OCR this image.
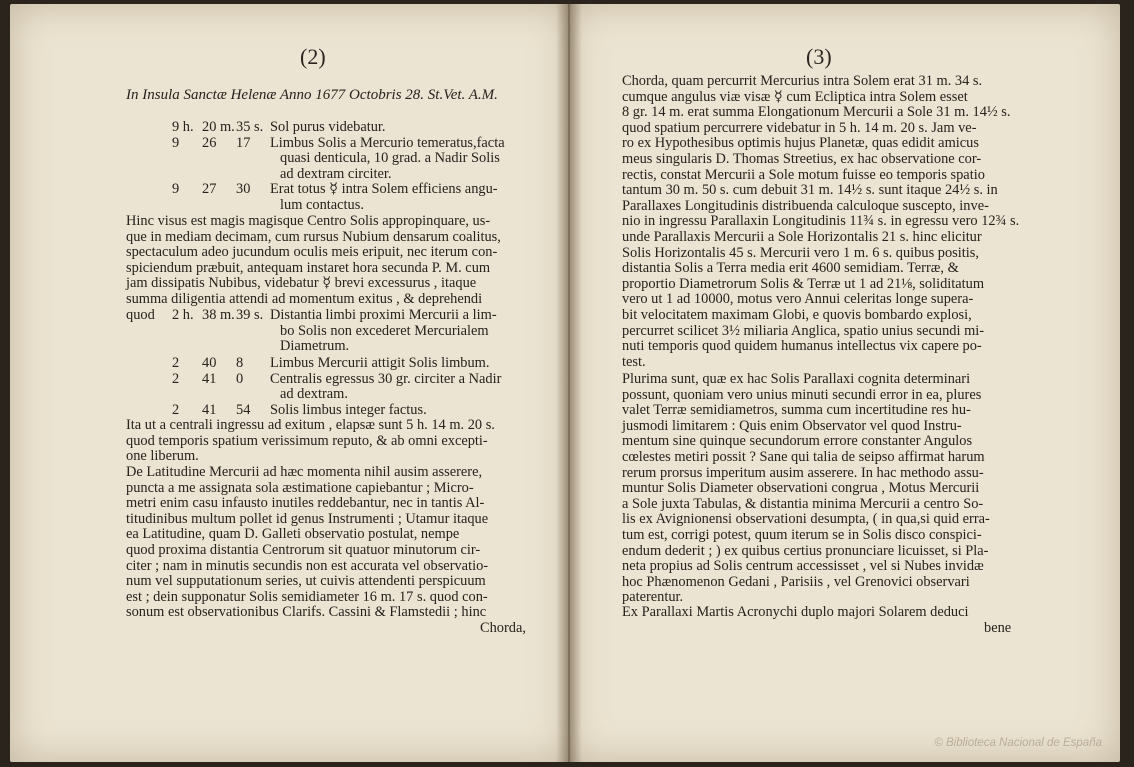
(2)
In Insula Sanctæ Helenæ Anno 1677 Octobris 28. St.Vet. A.M.
9 h. 20 m. 35 s. Sol purus videbatur.
9 26 17 Limbus Solis a Mercurio temeratus,facta
quasi denticula, 10 grad. a Nadir Solis
ad dextram circiter.
9 27 30 Erat totus ☿ intra Solem efficiens angu-
lum contactus.
Hinc visus est magis magisque Centro Solis appropinquare, us-
que in mediam decimam, cum rursus Nubium densarum coalitus,
spectaculum adeo jucundum oculis meis eripuit, nec iterum con-
spiciendum præbuit, antequam instaret hora secunda P. M. cum
jam dissipatis Nubibus, videbatur ☿ brevi excessurus , itaque
summa diligentia attendi ad momentum exitus , & deprehendi
quod 2 h. 38 m. 39 s. Distantia limbi proximi Mercurii a lim-
bo Solis non excederet Mercurialem
Diametrum.
2 40 8 Limbus Mercurii attigit Solis limbum.
2 41 0 Centralis egressus 30 gr. circiter a Nadir
ad dextram.
2 41 54 Solis limbus integer factus.
Ita ut a centrali ingressu ad exitum , elapsæ sunt 5 h. 14 m. 20 s.
quod temporis spatium verissimum reputo, & ab omni excepti-
one liberum.
De Latitudine Mercurii ad hæc momenta nihil ausim asserere,
puncta a me assignata sola æstimatione capiebantur ; Micro-
metri enim casu infausto inutiles reddebantur, nec in tantis Al-
titudinibus multum pollet id genus Instrumenti ; Utamur itaque
ea Latitudine, quam D. Galleti observatio postulat, nempe
quod proxima distantia Centrorum sit quatuor minutorum cir-
citer ; nam in minutis secundis non est accurata vel observatio-
num vel supputationum series, ut cuivis attendenti perspicuum
est ; dein supponatur Solis semidiameter 16 m. 17 s. quod con-
sonum est observationibus Clarifs. Cassini & Flamstedii ; hinc
Chorda,
(3)
Chorda, quam percurrit Mercurius intra Solem erat 31 m. 34 s.
cumque angulus viæ visæ ☿ cum Ecliptica intra Solem esset
8 gr. 14 m. erat summa Elongationum Mercurii a Sole 31 m. 14½ s.
quod spatium percurrere videbatur in 5 h. 14 m. 20 s. Jam ve-
ro ex Hypothesibus optimis hujus Planetæ, quas edidit amicus
meus singularis D. Thomas Streetius, ex hac observatione cor-
rectis, constat Mercurii a Sole motum fuisse eo temporis spatio
tantum 30 m. 50 s. cum debuit 31 m. 14½ s. sunt itaque 24½ s. in
Parallaxes Longitudinis distribuenda calculoque suscepto, inve-
nio in ingressu Parallaxin Longitudinis 11¾ s. in egressu vero 12¾ s.
unde Parallaxis Mercurii a Sole Horizontalis 21 s. hinc elicitur
Solis Horizontalis 45 s. Mercurii vero 1 m. 6 s. quibus positis,
distantia Solis a Terra media erit 4600 semidiam. Terræ, &
proportio Diametrorum Solis & Terræ ut 1 ad 21⅛, soliditatum
vero ut 1 ad 10000, motus vero Annui celeritas longe supera-
bit velocitatem maximam Globi, e quovis bombardo explosi,
percurret scilicet 3½ miliaria Anglica, spatio unius secundi mi-
nuti temporis quod quidem humanus intellectus vix capere po-
test.
Plurima sunt, quæ ex hac Solis Parallaxi cognita determinari
possunt, quoniam vero unius minuti secundi error in ea, plures
valet Terræ semidiametros, summa cum incertitudine res hu-
jusmodi limitarem : Quis enim Observator vel quod Instru-
mentum sine quinque secundorum errore constanter Angulos
cœlestes metiri possit ? Sane qui talia de seipso affirmat harum
rerum prorsus imperitum ausim asserere. In hac methodo assu-
muntur Solis Diameter observationi congrua , Motus Mercurii
a Sole juxta Tabulas, & distantia minima Mercurii a centro So-
lis ex Avignionensi observationi desumpta, ( in qua,si quid erra-
tum est, corrigi potest, quum iterum se in Solis disco conspici-
endum dederit ; ) ex quibus certius pronunciare licuisset, si Pla-
neta propius ad Solis centrum accessisset , vel si Nubes invidæ
hoc Phænomenon Gedani , Parisiis , vel Grenovici observari
paterentur.
Ex Parallaxi Martis Acronychi duplo majori Solarem deduci
bene
© Biblioteca Nacional de España
